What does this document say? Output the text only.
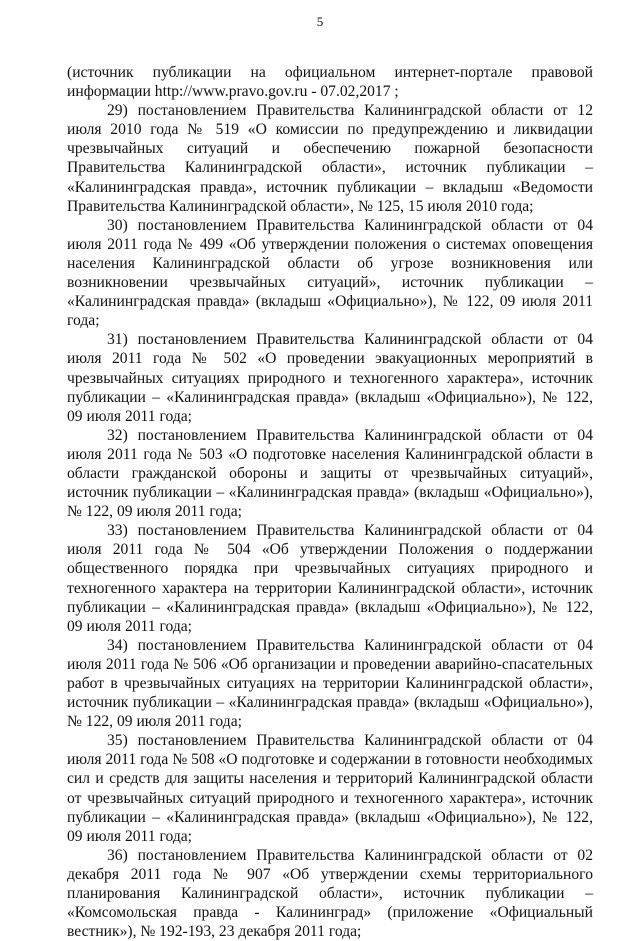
5

(источник публикации на официальном интернет-портале правовой информации http://www.pravo.gov.ru - 07.02,2017 ;

29) постановлением Правительства Калининградской области от 12 июля 2010 года № 519 «О комиссии по предупреждению и ликвидации чрезвычайных ситуаций и обеспечению пожарной безопасности Правительства Калининградской области», источник публикации – «Калининградская правда», источник публикации – вкладыш «Ведомости Правительства Калининградской области», № 125, 15 июля 2010 года;

30) постановлением Правительства Калининградской области от 04 июля 2011 года № 499 «Об утверждении положения о системах оповещения населения Калининградской области об угрозе возникновения или возникновении чрезвычайных ситуаций», источник публикации – «Калининградская правда» (вкладыш «Официально»), № 122, 09 июля 2011 года;

31) постановлением Правительства Калининградской области от 04 июля 2011 года № 502 «О проведении эвакуационных мероприятий в чрезвычайных ситуациях природного и техногенного характера», источник публикации – «Калининградская правда» (вкладыш «Официально»), № 122, 09 июля 2011 года;

32) постановлением Правительства Калининградской области от 04 июля 2011 года № 503 «О подготовке населения Калининградской области в области гражданской обороны и защиты от чрезвычайных ситуаций», источник публикации – «Калининградская правда» (вкладыш «Официально»), № 122, 09 июля 2011 года;

33) постановлением Правительства Калининградской области от 04 июля 2011 года № 504 «Об утверждении Положения о поддержании общественного порядка при чрезвычайных ситуациях природного и техногенного характера на территории Калининградской области», источник публикации – «Калининградская правда» (вкладыш «Официально»), № 122, 09 июля 2011 года;

34) постановлением Правительства Калининградской области от 04 июля 2011 года № 506 «Об организации и проведении аварийно-спасательных работ в чрезвычайных ситуациях на территории Калининградской области», источник публикации – «Калининградская правда» (вкладыш «Официально»), № 122, 09 июля 2011 года;

35) постановлением Правительства Калининградской области от 04 июля 2011 года № 508 «О подготовке и содержании в готовности необходимых сил и средств для защиты населения и территорий Калининградской области от чрезвычайных ситуаций природного и техногенного характера», источник публикации – «Калининградская правда» (вкладыш «Официально»), № 122, 09 июля 2011 года;

36) постановлением Правительства Калининградской области от 02 декабря 2011 года № 907 «Об утверждении схемы территориального планирования Калининградской области», источник публикации – «Комсомольская правда - Калининград» (приложение «Официальный вестник»), № 192-193, 23 декабря 2011 года;
